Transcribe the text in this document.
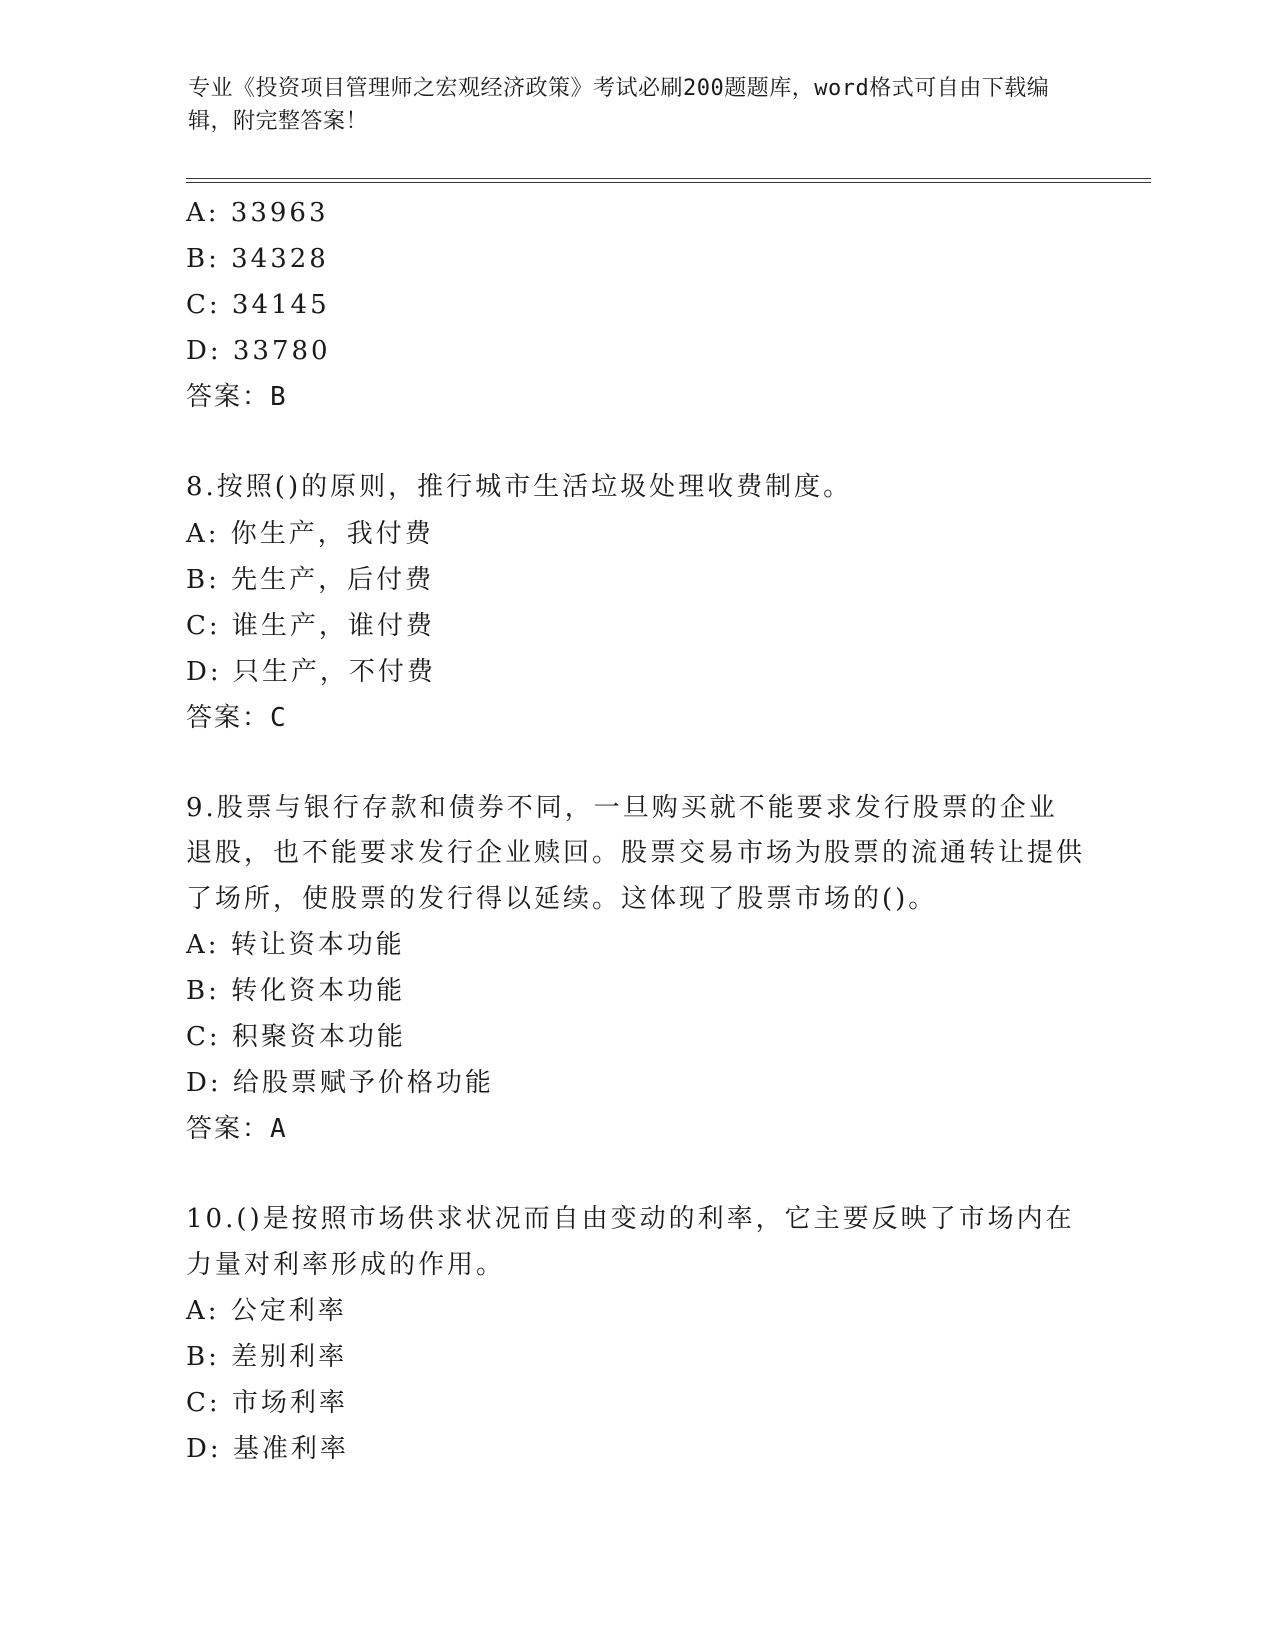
专业《投资项目管理师之宏观经济政策》考试必刷200题题库，word格式可自由下载编辑，附完整答案！

A: 33963

B: 34328

C: 34145

D: 33780

答案：B

8.按照()的原则，推行城市生活垃圾处理收费制度。

A: 你生产，我付费

B: 先生产，后付费

C: 谁生产，谁付费

D: 只生产，不付费

答案：C

9.股票与银行存款和债券不同，一旦购买就不能要求发行股票的企业退股，也不能要求发行企业赎回。股票交易市场为股票的流通转让提供了场所，使股票的发行得以延续。这体现了股票市场的()。

A: 转让资本功能

B: 转化资本功能

C: 积聚资本功能

D: 给股票赋予价格功能

答案：A

10.()是按照市场供求状况而自由变动的利率，它主要反映了市场内在力量对利率形成的作用。

A: 公定利率

B: 差别利率

C: 市场利率

D: 基准利率
